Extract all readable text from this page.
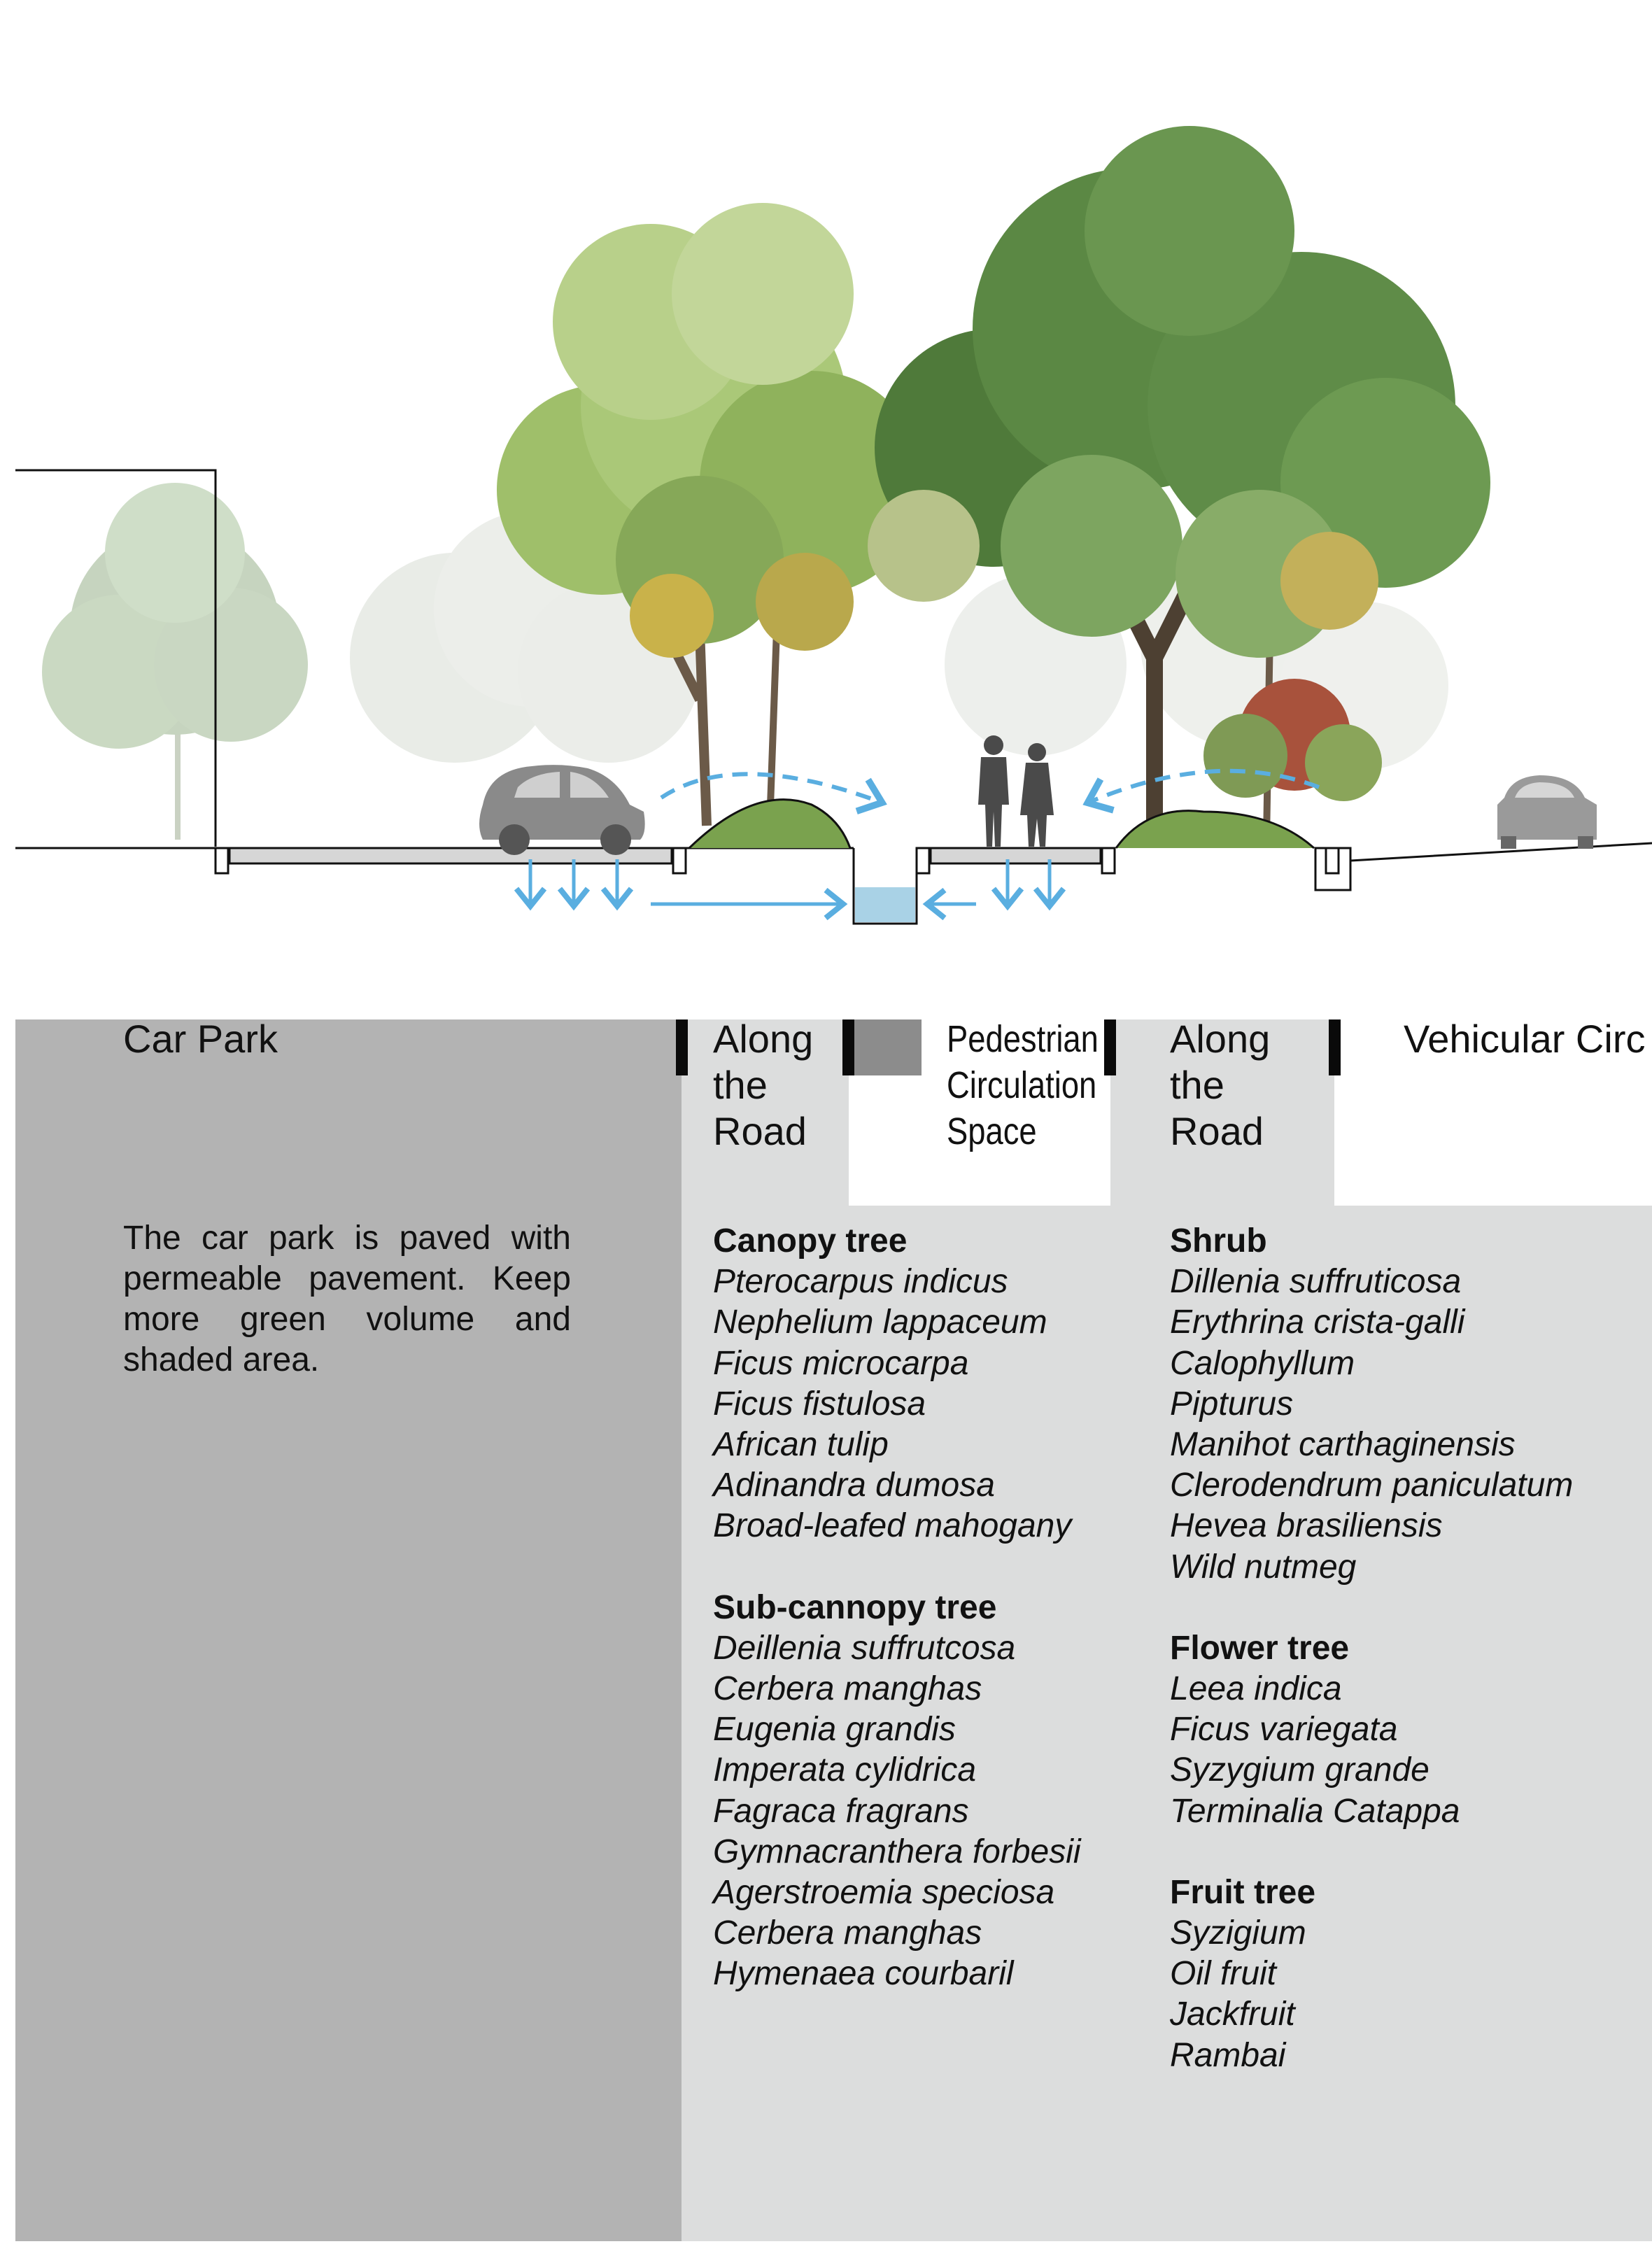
Car Park	Along
the
Road
Pedestrian
Circulation
Space
Along
the
Road
Vehicular Circ

The car park is paved with permeable pavement. Keep more green volume and shaded area.

Canopy tree
Pterocarpus indicus
Nephelium lappaceum
Ficus microcarpa
Ficus fistulosa
African tulip
Adinandra dumosa
Broad-leafed mahogany
Sub-cannopy tree
Deillenia suffrutcosa
Cerbera manghas
Eugenia grandis
Imperata cylidrica
Fagraca fragrans
Gymnacranthera forbesii
Agerstroemia speciosa
Cerbera manghas
Hymenaea courbaril
Shrub
Dillenia suffruticosa
Erythrina crista-galli
Calophyllum
Pipturus
Manihot carthaginensis
Clerodendrum paniculatum
Hevea brasiliensis
Wild nutmeg
Flower tree
Leea indica
Ficus variegata
Syzygium grande
Terminalia Catappa
Fruit tree
Syzigium
Oil fruit
Jackfruit
Rambai
